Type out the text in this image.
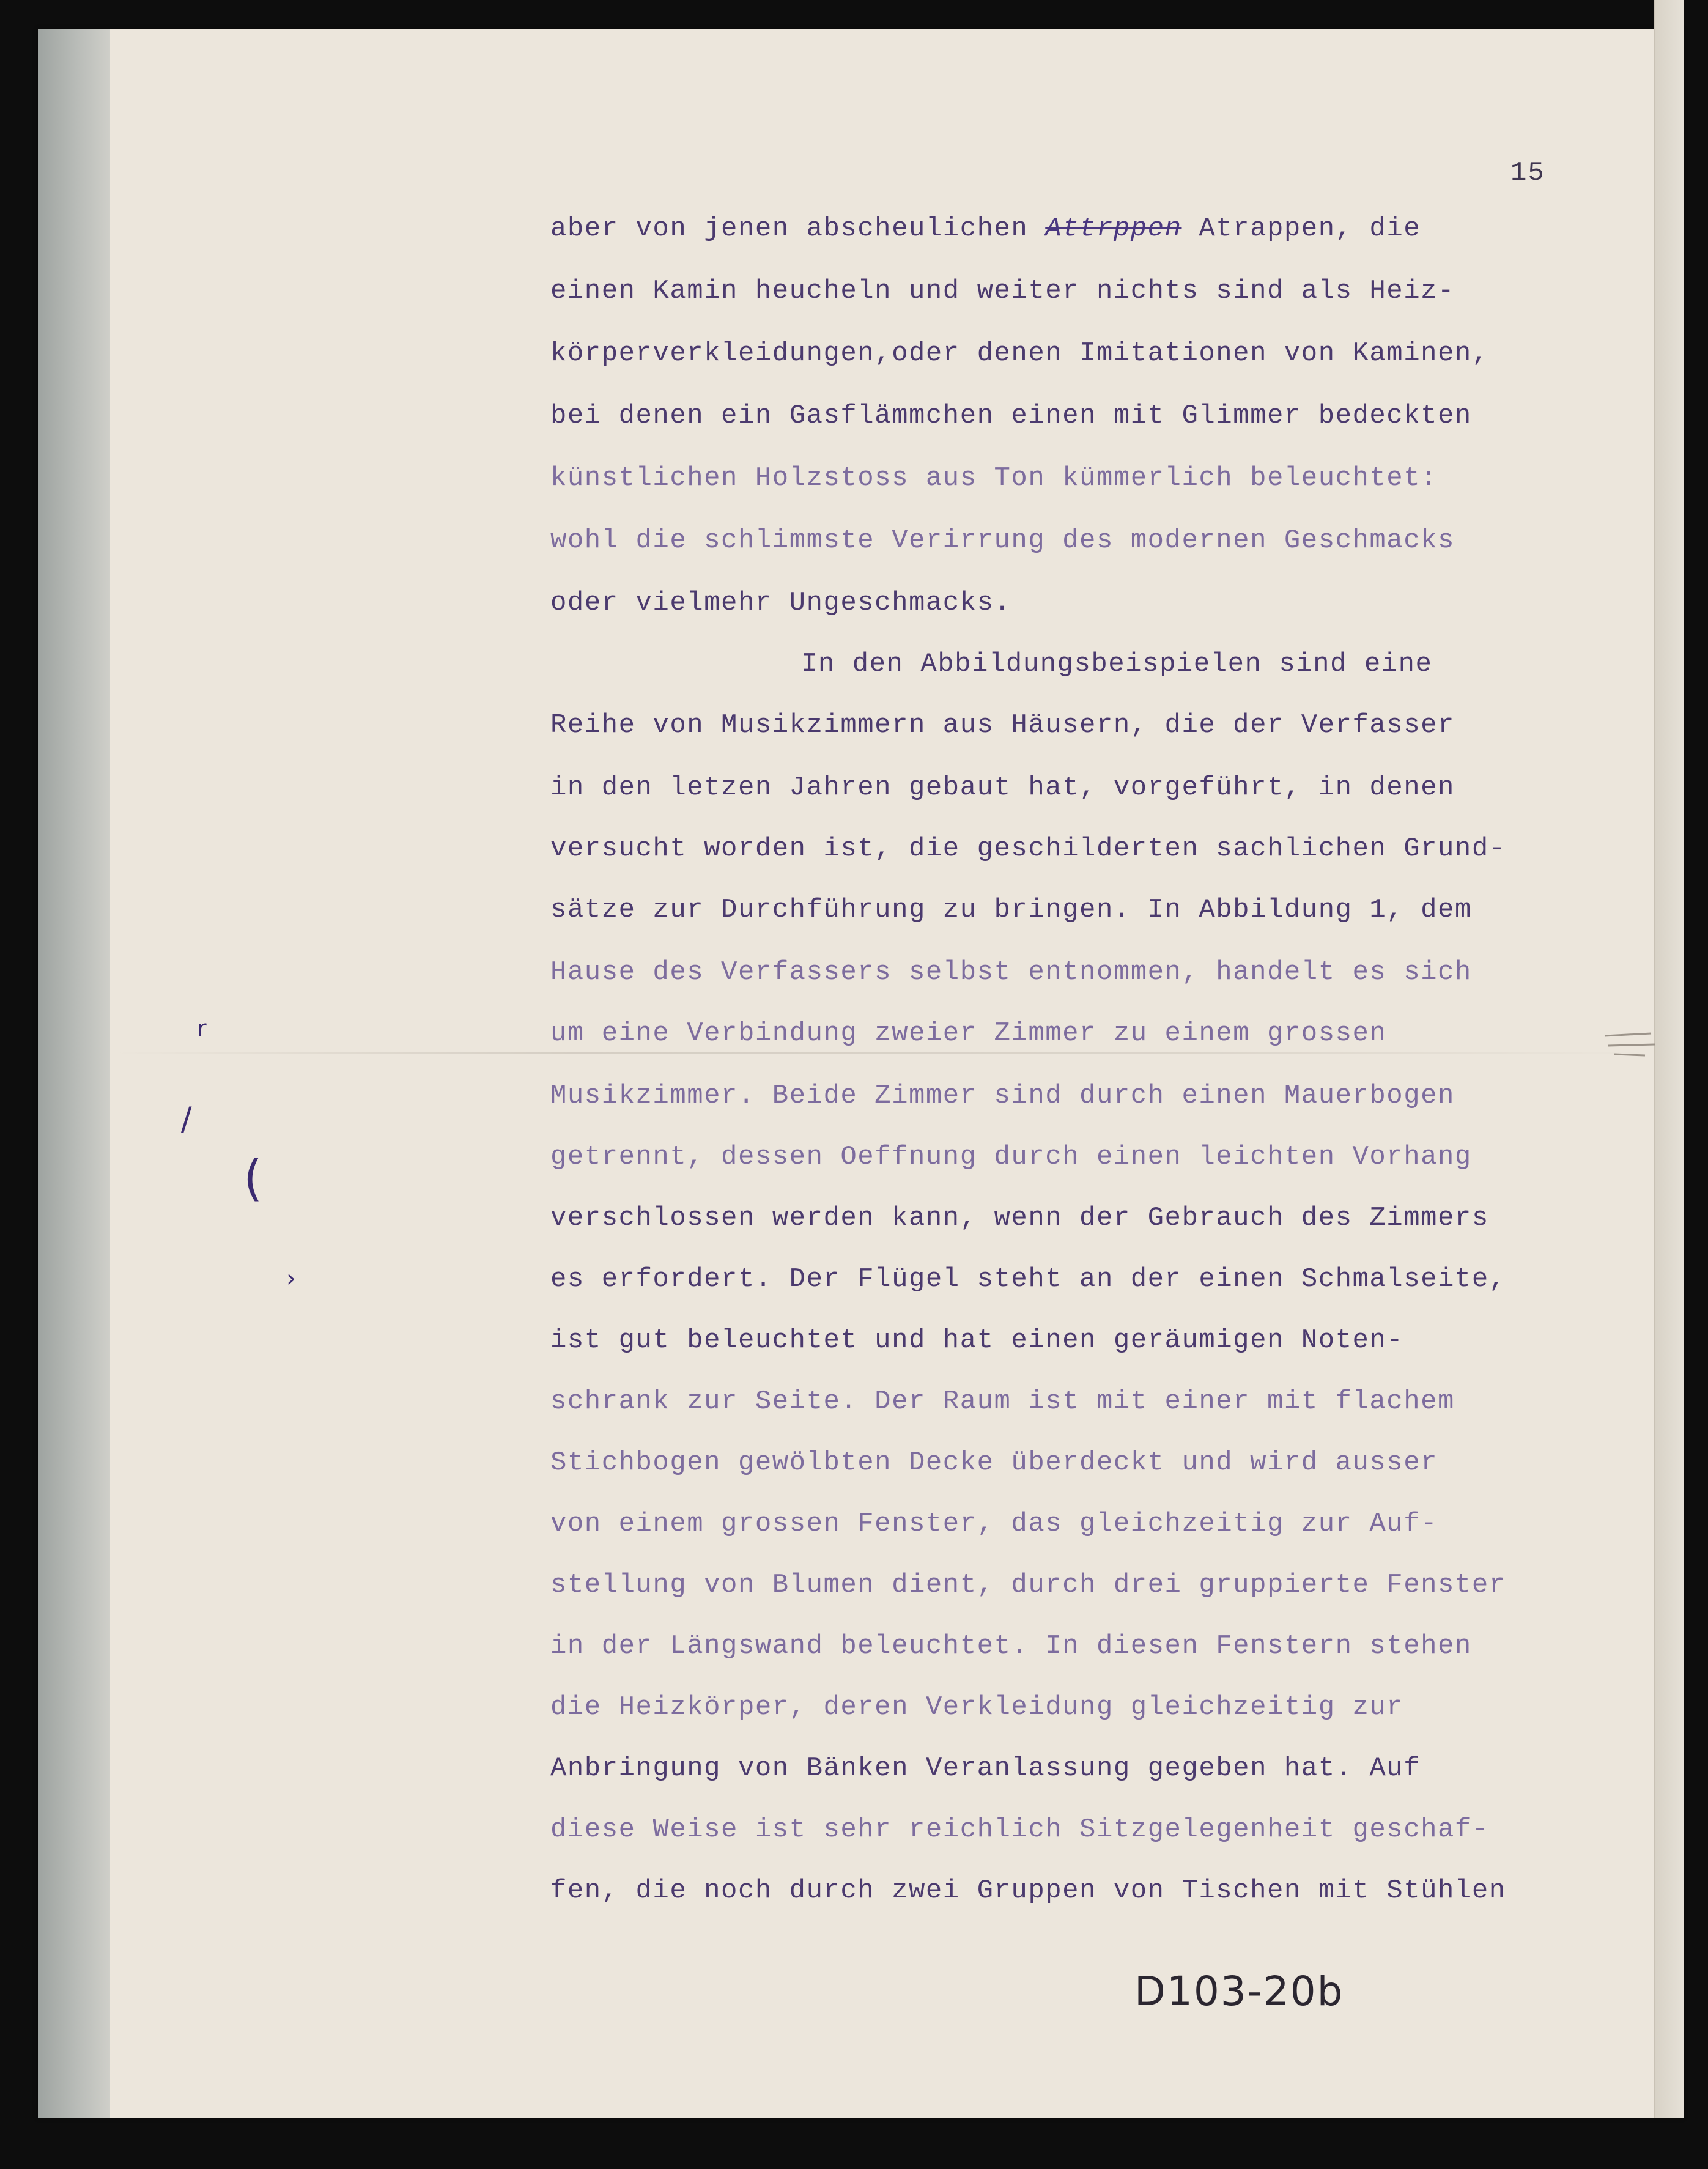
15
aber von jenen abscheulichen Attrppen Atrappen, die
einen Kamin heucheln und weiter nichts sind als Heiz-
körperverkleidungen,oder denen Imitationen von Kaminen,
bei denen ein Gasflämmchen einen mit Glimmer bedeckten
künstlichen Holzstoss aus Ton kümmerlich beleuchtet:
wohl die schlimmste Verirrung des modernen Geschmacks
oder vielmehr Ungeschmacks.
In den Abbildungsbeispielen sind eine
Reihe von Musikzimmern aus Häusern, die der Verfasser
in den letzen Jahren gebaut hat, vorgeführt, in denen
versucht worden ist, die geschilderten sachlichen Grund-
sätze zur Durchführung zu bringen. In Abbildung 1, dem
Hause des Verfassers selbst entnommen, handelt es sich
um eine Verbindung zweier Zimmer zu einem grossen
Musikzimmer. Beide Zimmer sind durch einen Mauerbogen
getrennt, dessen Oeffnung durch einen leichten Vorhang
verschlossen werden kann, wenn der Gebrauch des Zimmers
es erfordert. Der Flügel steht an der einen Schmalseite,
ist gut beleuchtet und hat einen geräumigen Noten-
schrank zur Seite. Der Raum ist mit einer mit flachem
Stichbogen gewölbten Decke überdeckt und wird ausser
von einem grossen Fenster, das gleichzeitig zur Auf-
stellung von Blumen dient, durch drei gruppierte Fenster
in der Längswand beleuchtet. In diesen Fenstern stehen
die Heizkörper, deren Verkleidung gleichzeitig zur
Anbringung von Bänken Veranlassung gegeben hat. Auf
diese Weise ist sehr reichlich Sitzgelegenheit geschaf-
fen, die noch durch zwei Gruppen von Tischen mit Stühlen
r
/
(
›
D103-20b
